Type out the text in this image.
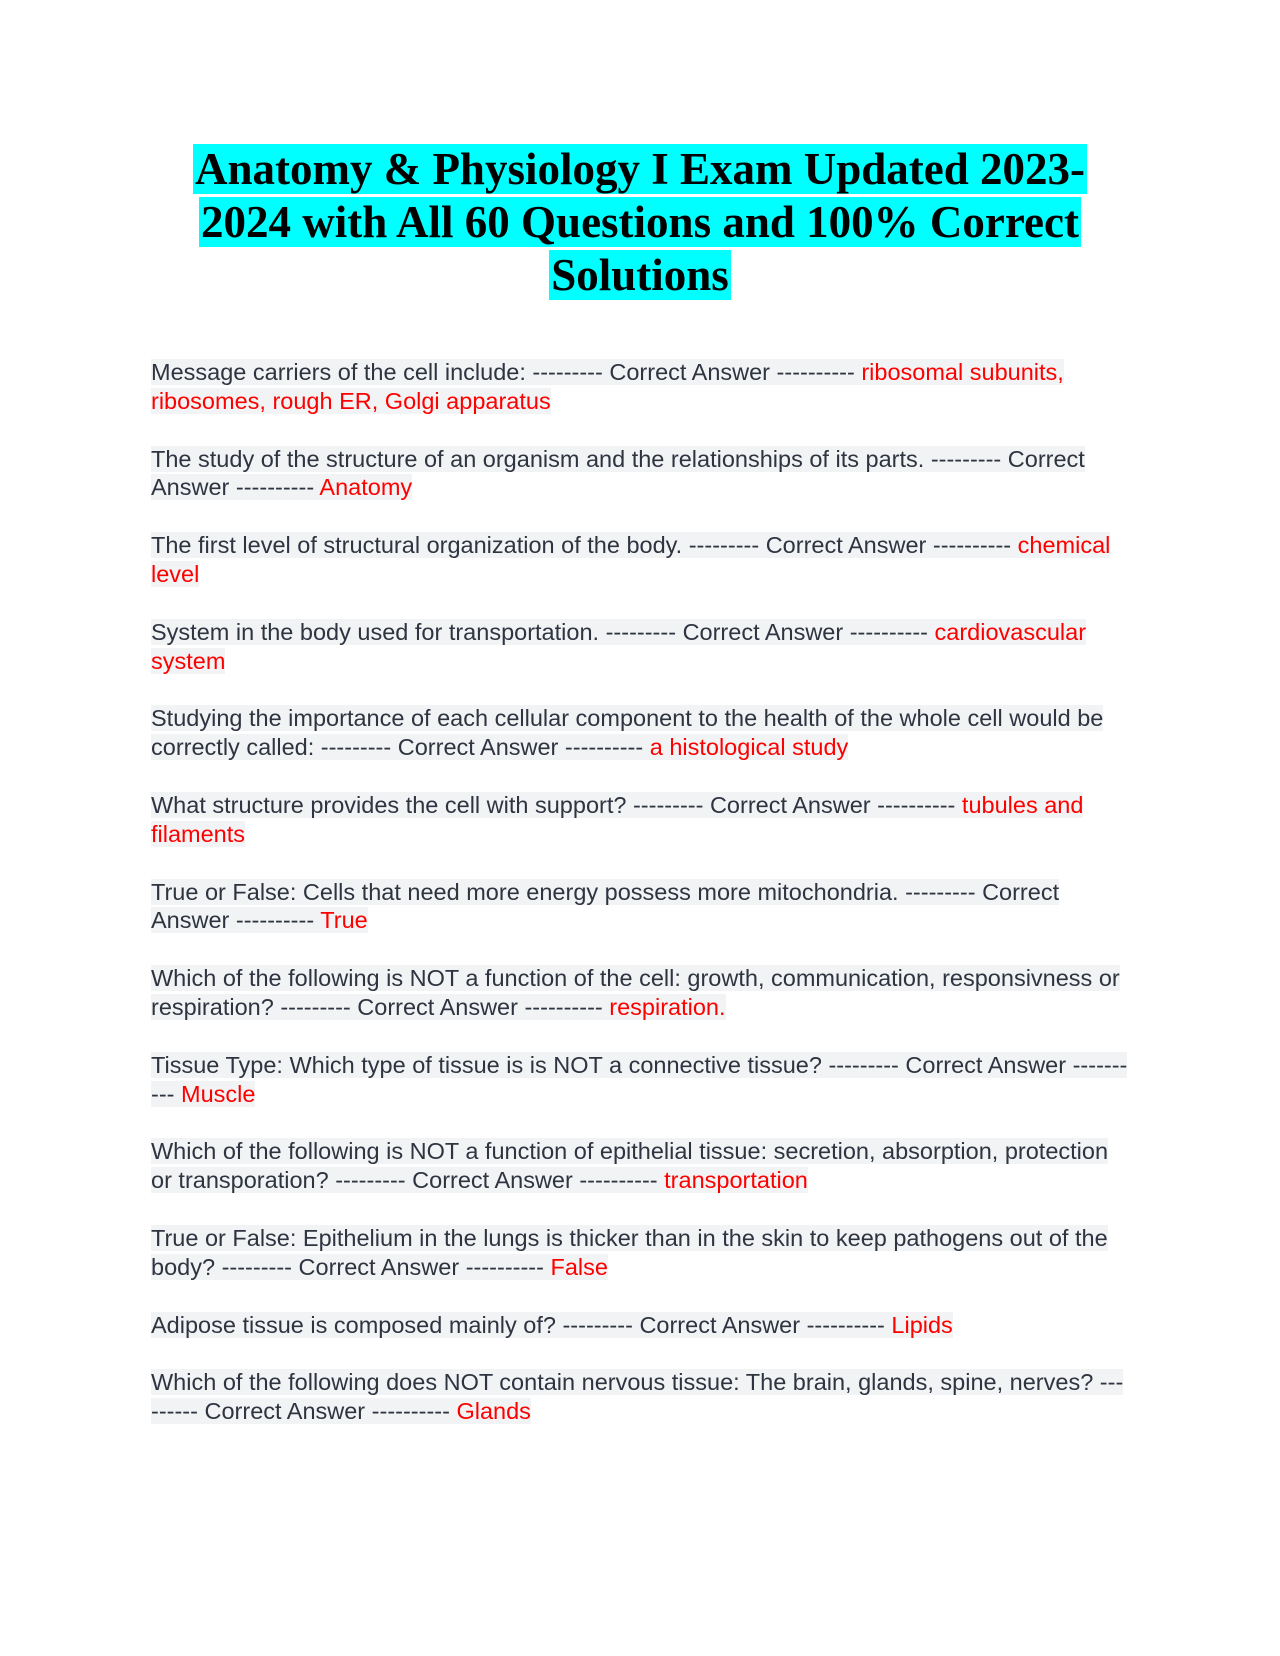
Anatomy & Physiology I Exam Updated 2023-2024 with All 60 Questions and 100% Correct Solutions

Message carriers of the cell include: --------- Correct Answer ---------- ribosomal subunits, ribosomes, rough ER, Golgi apparatus

The study of the structure of an organism and the relationships of its parts. --------- Correct Answer ---------- Anatomy

The first level of structural organization of the body. --------- Correct Answer ---------- chemical level

System in the body used for transportation. --------- Correct Answer ---------- cardiovascular system

Studying the importance of each cellular component to the health of the whole cell would be correctly called: --------- Correct Answer ---------- a histological study

What structure provides the cell with support? --------- Correct Answer ---------- tubules and filaments

True or False: Cells that need more energy possess more mitochondria. --------- Correct Answer ---------- True

Which of the following is NOT a function of the cell: growth, communication, responsivness or respiration? --------- Correct Answer ---------- respiration.

Tissue Type: Which type of tissue is is NOT a connective tissue? --------- Correct Answer ---------- Muscle

Which of the following is NOT a function of epithelial tissue: secretion, absorption, protection or transporation? --------- Correct Answer ---------- transportation

True or False: Epithelium in the lungs is thicker than in the skin to keep pathogens out of the body? --------- Correct Answer ---------- False

Adipose tissue is composed mainly of? --------- Correct Answer ---------- Lipids

Which of the following does NOT contain nervous tissue: The brain, glands, spine, nerves? --------- Correct Answer ---------- Glands
